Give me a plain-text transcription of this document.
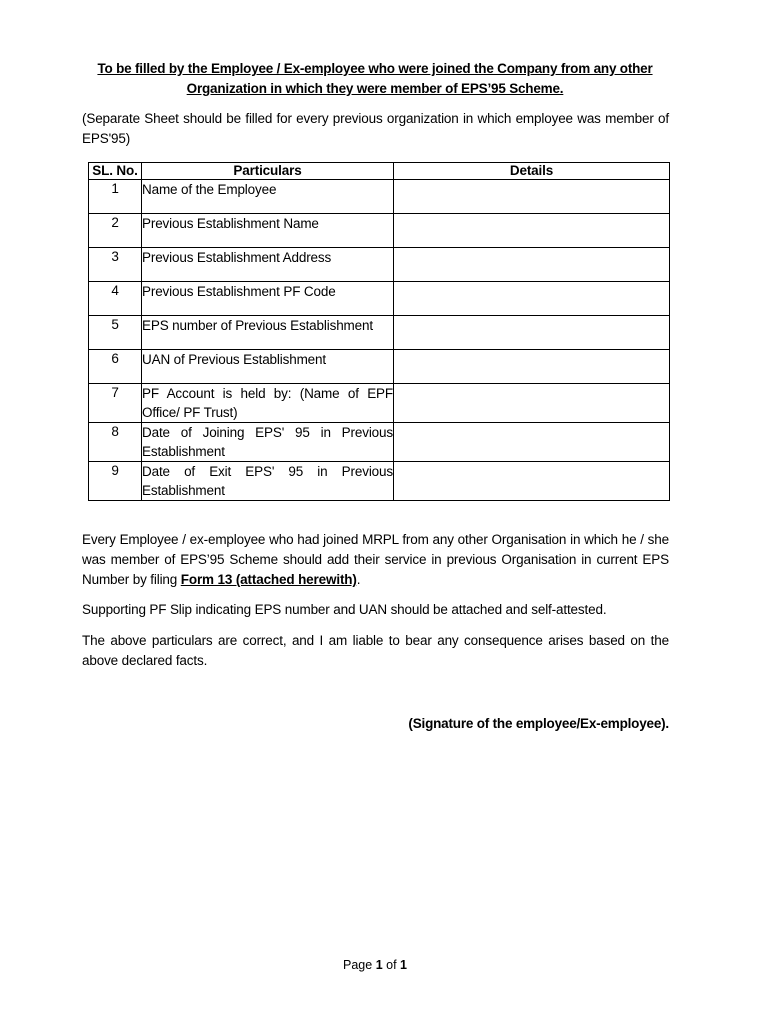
To be filled by the Employee / Ex-employee who were joined the Company from any other
Organization in which they were member of EPS’95 Scheme.
(Separate Sheet should be filled for every previous organization in which employee was member of EPS'95)
SL. No.	Particulars	Details
1	Name of the Employee	
2	Previous Establishment Name	
3	Previous Establishment Address	
4	Previous Establishment PF Code	
5	EPS number of Previous Establishment	
6	UAN of Previous Establishment	
7	PF Account is held by: (Name of EPF Office/ PF Trust)	
8	Date of Joining EPS' 95 in Previous Establishment	
9	Date of Exit EPS' 95 in Previous Establishment	
Every Employee / ex-employee who had joined MRPL from any other Organisation in which he / she was member of EPS’95 Scheme should add their service in previous Organisation in current EPS Number by filing Form 13 (attached herewith).
Supporting PF Slip indicating EPS number and UAN should be attached and self-attested.
The above particulars are correct, and I am liable to bear any consequence arises based on the above declared facts.
(Signature of the employee/Ex-employee).
Page 1 of 1
